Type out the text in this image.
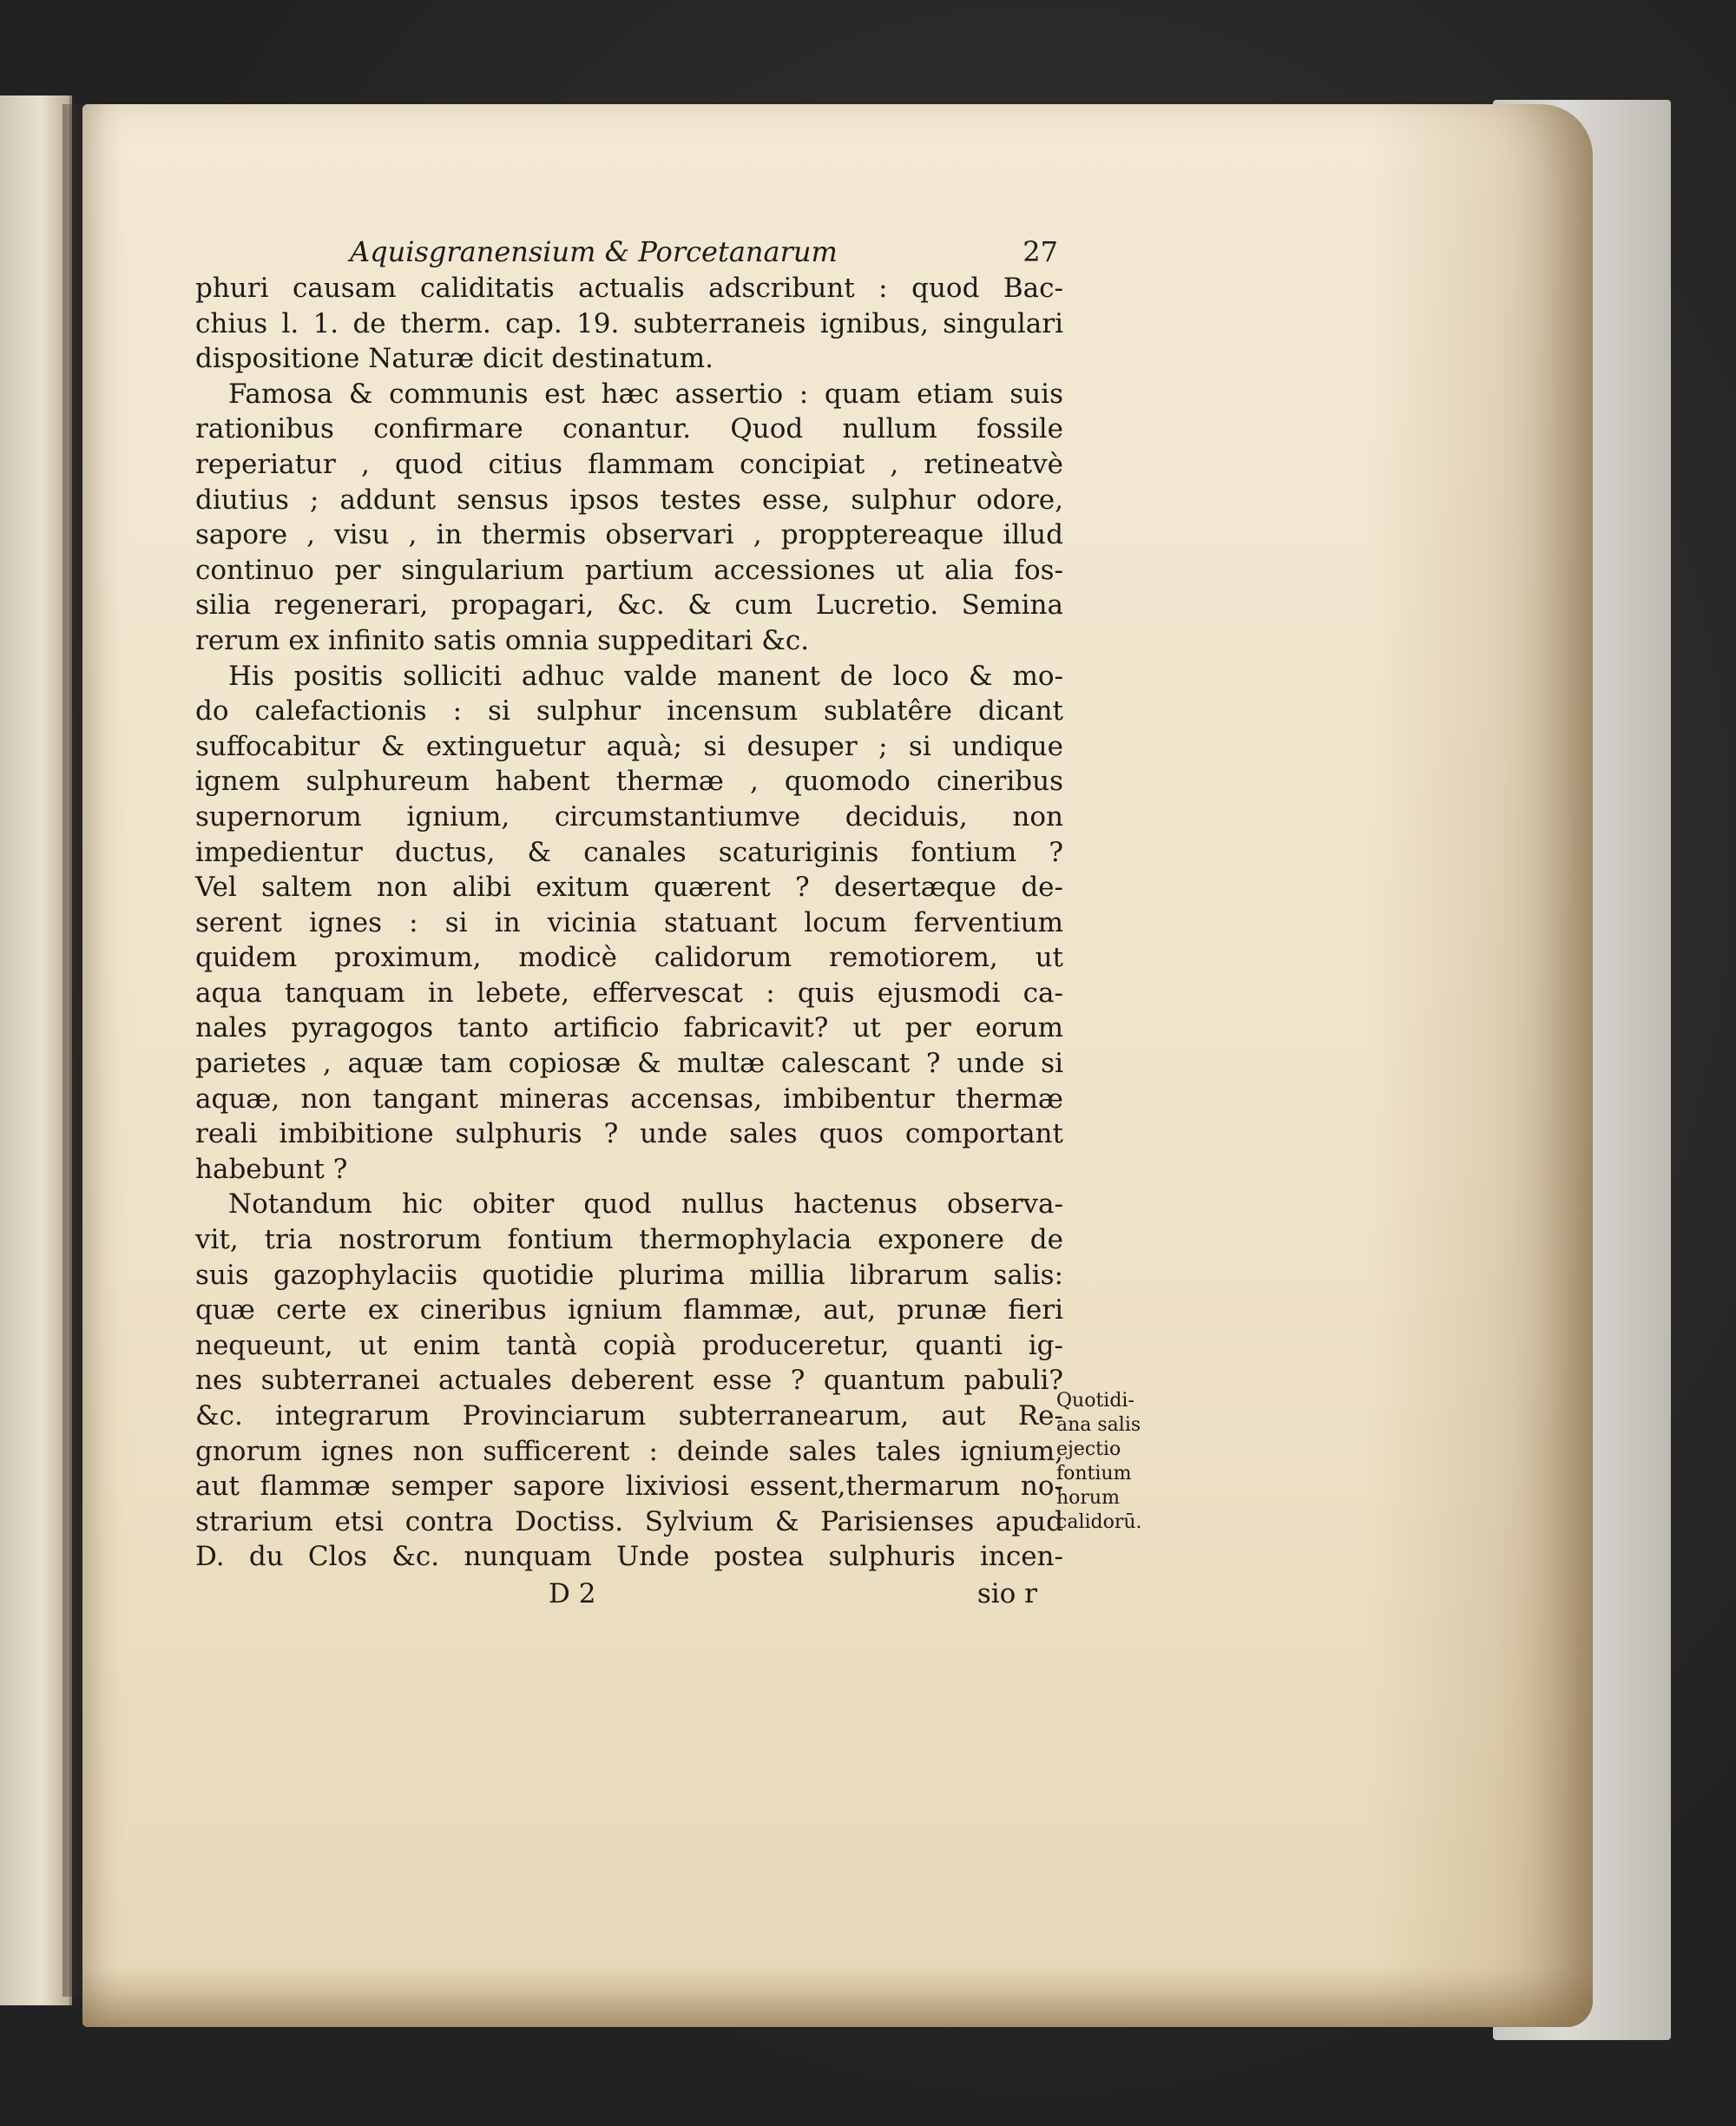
Aquisgranensium & Porcetanarum	27
phuri causam caliditatis actualis adscribunt : quod Bac-
chius l. 1. de therm. cap. 19. subterraneis ignibus, singulari
dispositione Naturæ dicit destinatum.
Famosa & communis est hæc assertio : quam etiam suis
rationibus confirmare conantur. Quod nullum fossile
reperiatur , quod citius flammam concipiat , retineatvè
diutius ; addunt sensus ipsos testes esse, sulphur odore,
sapore , visu , in thermis observari , propptereaque illud
continuo per singularium partium accessiones ut alia fos-
silia regenerari, propagari, &c. & cum Lucretio. Semina
rerum ex infinito satis omnia suppeditari &c.
His positis solliciti adhuc valde manent de loco & mo-
do calefactionis : si sulphur incensum sublatêre dicant
suffocabitur & extinguetur aquà; si desuper ; si undique
ignem sulphureum habent thermæ , quomodo cineribus
supernorum ignium, circumstantiumve deciduis, non
impedientur ductus, & canales scaturiginis fontium ?
Vel saltem non alibi exitum quærent ? desertæque de-
serent ignes : si in vicinia statuant locum ferventium
quidem proximum, modicè calidorum remotiorem, ut
aqua tanquam in lebete, effervescat : quis ejusmodi ca-
nales pyragogos tanto artificio fabricavit? ut per eorum
parietes , aquæ tam copiosæ & multæ calescant ? unde si
aquæ, non tangant mineras accensas, imbibentur thermæ
reali imbibitione sulphuris ? unde sales quos comportant
habebunt ?
Notandum hic obiter quod nullus hactenus observa-
vit, tria nostrorum fontium thermophylacia exponere de
suis gazophylaciis quotidie plurima millia librarum salis:
quæ certe ex cineribus ignium flammæ, aut, prunæ fieri
nequeunt, ut enim tantà copià produceretur, quanti ig-
nes subterranei actuales deberent esse ? quantum pabuli?
&c. integrarum Provinciarum subterranearum, aut Re-
gnorum ignes non sufficerent : deinde sales tales ignium,
aut flammæ semper sapore lixiviosi essent,thermarum no-
strarium etsi contra Doctiss. Sylvium & Parisienses apud
D. du Clos &c. nunquam Unde postea sulphuris incen-
D 2	sio r
Quotidi-
ana salis
ejectio
fontium
horum
calidorū.
